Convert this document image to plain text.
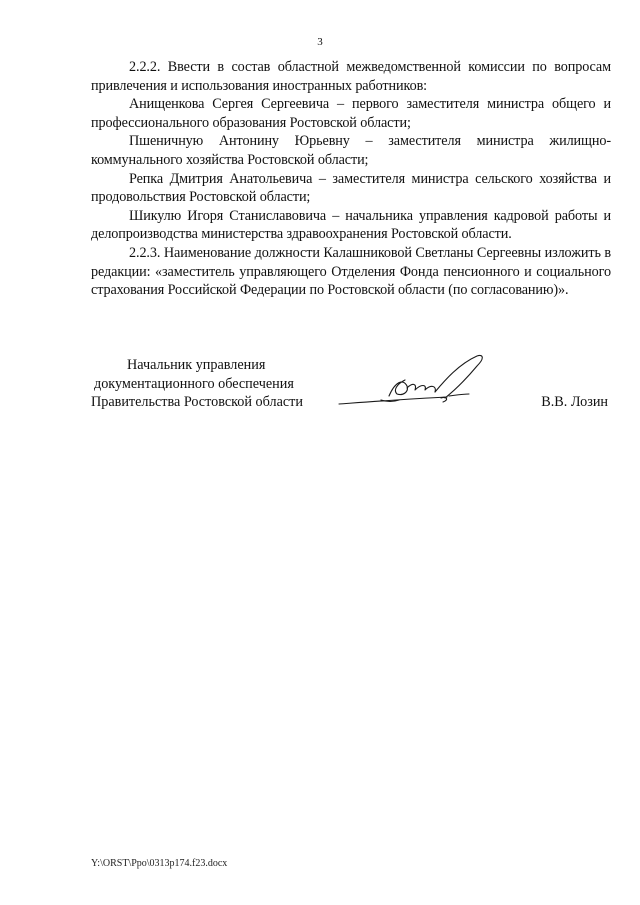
3

2.2.2. Ввести в состав областной межведомственной комиссии по вопросам привлечения и использования иностранных работников:

Анищенкова Сергея Сергеевича – первого заместителя министра общего и профессионального образования Ростовской области;

Пшеничную Антонину Юрьевну – заместителя министра жилищно-коммунального хозяйства Ростовской области;

Репка Дмитрия Анатольевича – заместителя министра сельского хозяйства и продовольствия Ростовской области;

Шикулю Игоря Станиславовича – начальника управления кадровой работы и делопроизводства министерства здравоохранения Ростовской области.

2.2.3. Наименование должности Калашниковой Светланы Сергеевны изложить в редакции: «заместитель управляющего Отделения Фонда пенсионного и социального страхования Российской Федерации по Ростовской области (по согласованию)».

Начальник управления
документационного обеспечения
Правительства Ростовской области	В.В. Лозин
Y:\ORST\Ppo\0313p174.f23.docx
